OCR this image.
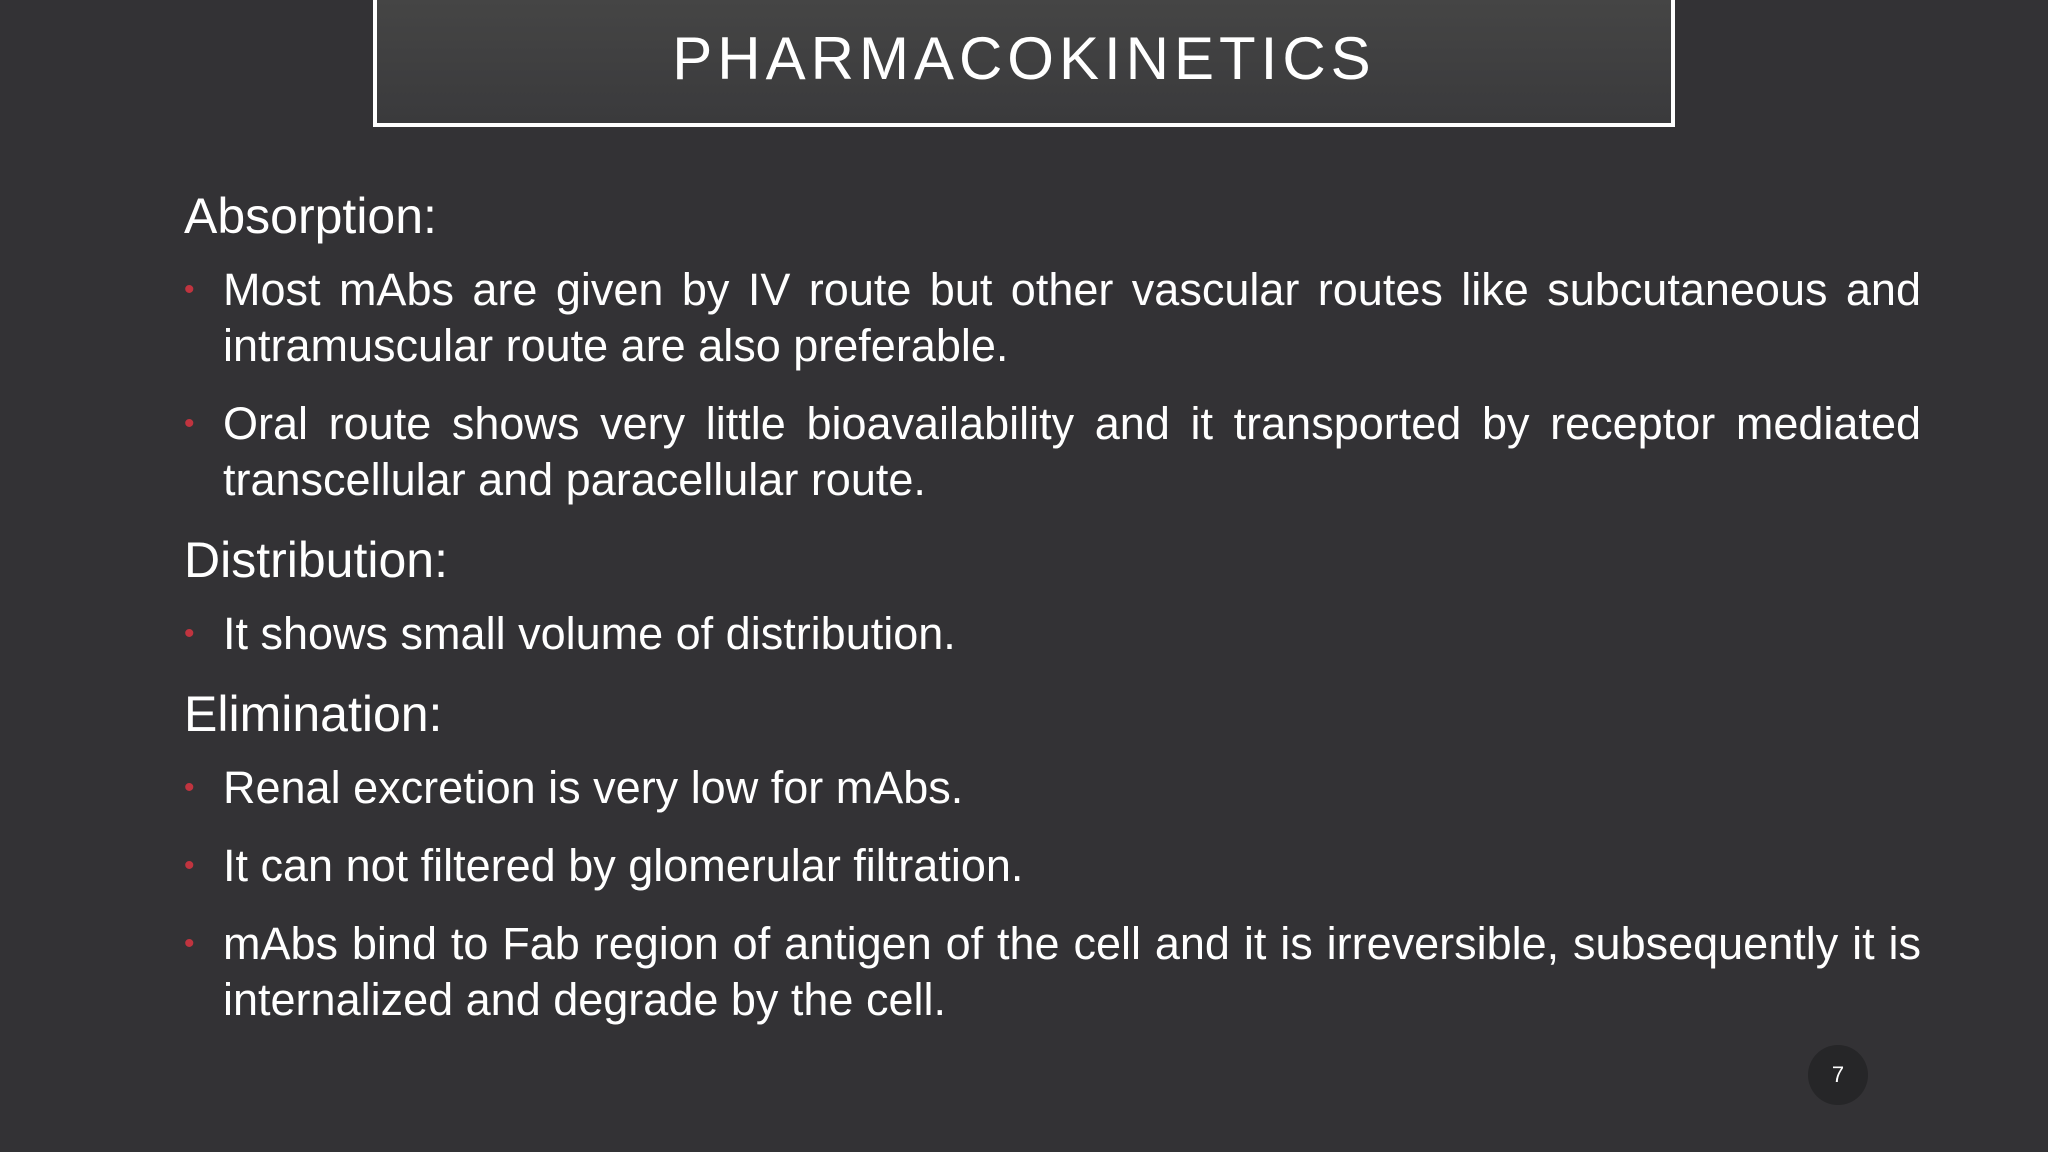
PHARMACOKINETICS
Absorption:
• Most mAbs are given by IV route but other vascular routes like subcutaneous and intramuscular route are also preferable.
• Oral route shows very little bioavailability and it transported by receptor mediated transcellular and paracellular route.
Distribution:
• It shows small volume of distribution.
Elimination:
• Renal excretion is very low for mAbs.
• It can not filtered by glomerular filtration.
• mAbs bind to Fab region of antigen of the cell and it is irreversible, subsequently it is internalized and degrade by the cell.
7
